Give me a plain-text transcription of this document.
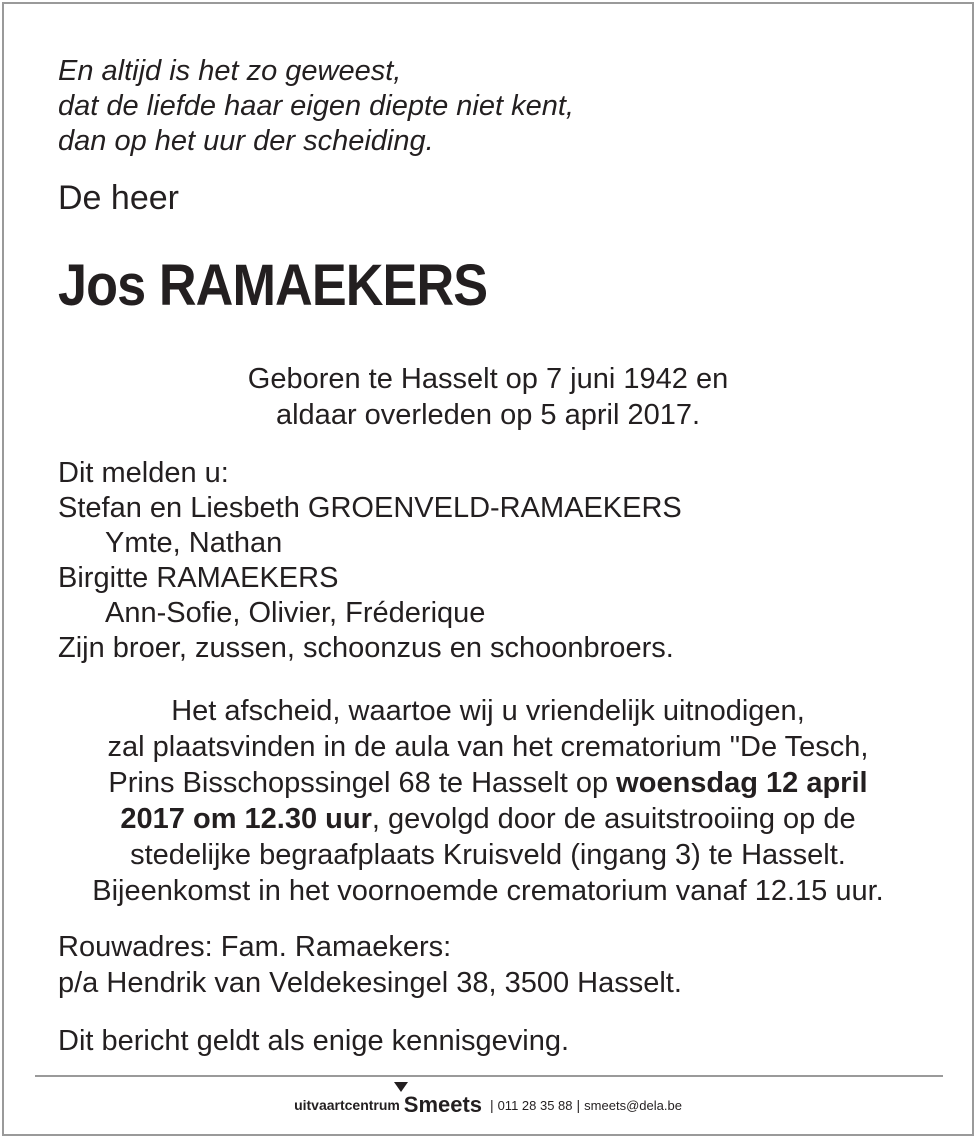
En altijd is het zo geweest,
dat de liefde haar eigen diepte niet kent,
dan op het uur der scheiding.
De heer
Jos RAMAEKERS
Geboren te Hasselt op 7 juni 1942 en
aldaar overleden op 5 april 2017.
Dit melden u:
Stefan en Liesbeth GROENVELD-RAMAEKERS
Ymte, Nathan
Birgitte RAMAEKERS
Ann-Sofie, Olivier, Fréderique
Zijn broer, zussen, schoonzus en schoonbroers.
Het afscheid, waartoe wij u vriendelijk uitnodigen,
zal plaatsvinden in de aula van het crematorium "De Tesch,
Prins Bisschopssingel 68 te Hasselt op woensdag 12 april
2017 om 12.30 uur, gevolgd door de asuitstrooiing op de
stedelijke begraafplaats Kruisveld (ingang 3) te Hasselt.
Bijeenkomst in het voornoemde crematorium vanaf 12.15 uur.
Rouwadres: Fam. Ramaekers:
p/a Hendrik van Veldekesingel 38, 3500 Hasselt.
Dit bericht geldt als enige kennisgeving.
uitvaartcentrum Smeets | 011 28 35 88 | smeets@dela.be
